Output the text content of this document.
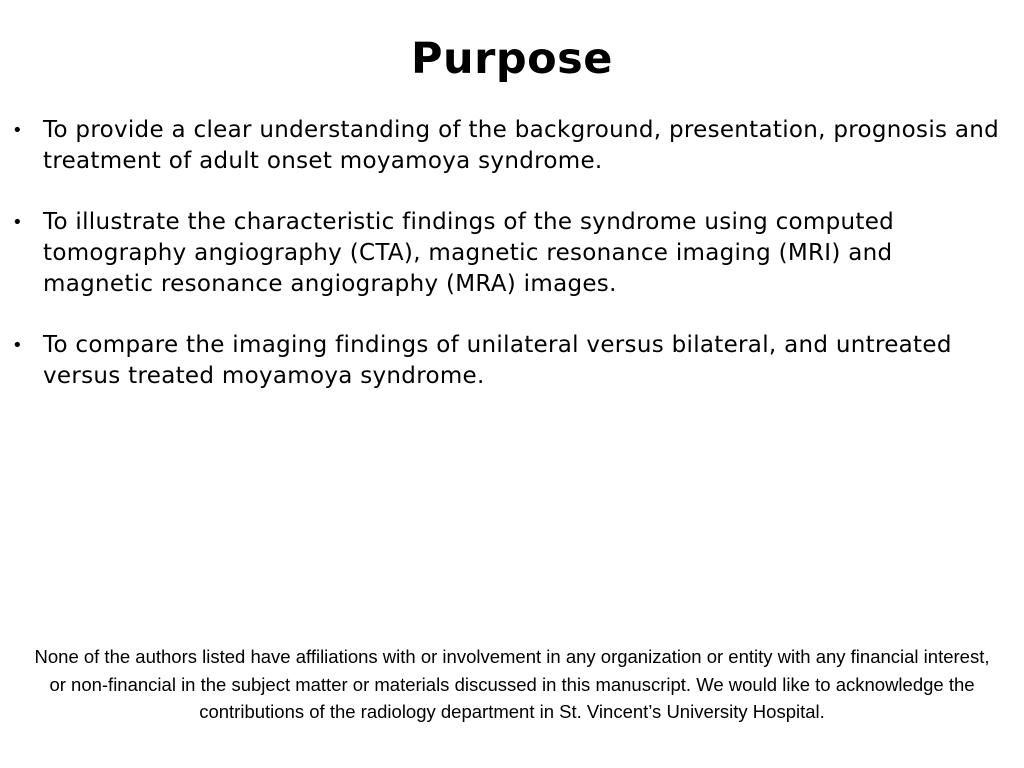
Purpose
• To provide a clear understanding of the background, presentation, prognosis and treatment of adult onset moyamoya syndrome.
• To illustrate the characteristic findings of the syndrome using computed tomography angiography (CTA), magnetic resonance imaging (MRI) and magnetic resonance angiography (MRA) images.
• To compare the imaging findings of unilateral versus bilateral, and untreated versus treated moyamoya syndrome.
None of the authors listed have affiliations with or involvement in any organization or entity with any financial interest, or non-financial in the subject matter or materials discussed in this manuscript. We would like to acknowledge the contributions of the radiology department in St. Vincent’s University Hospital.
